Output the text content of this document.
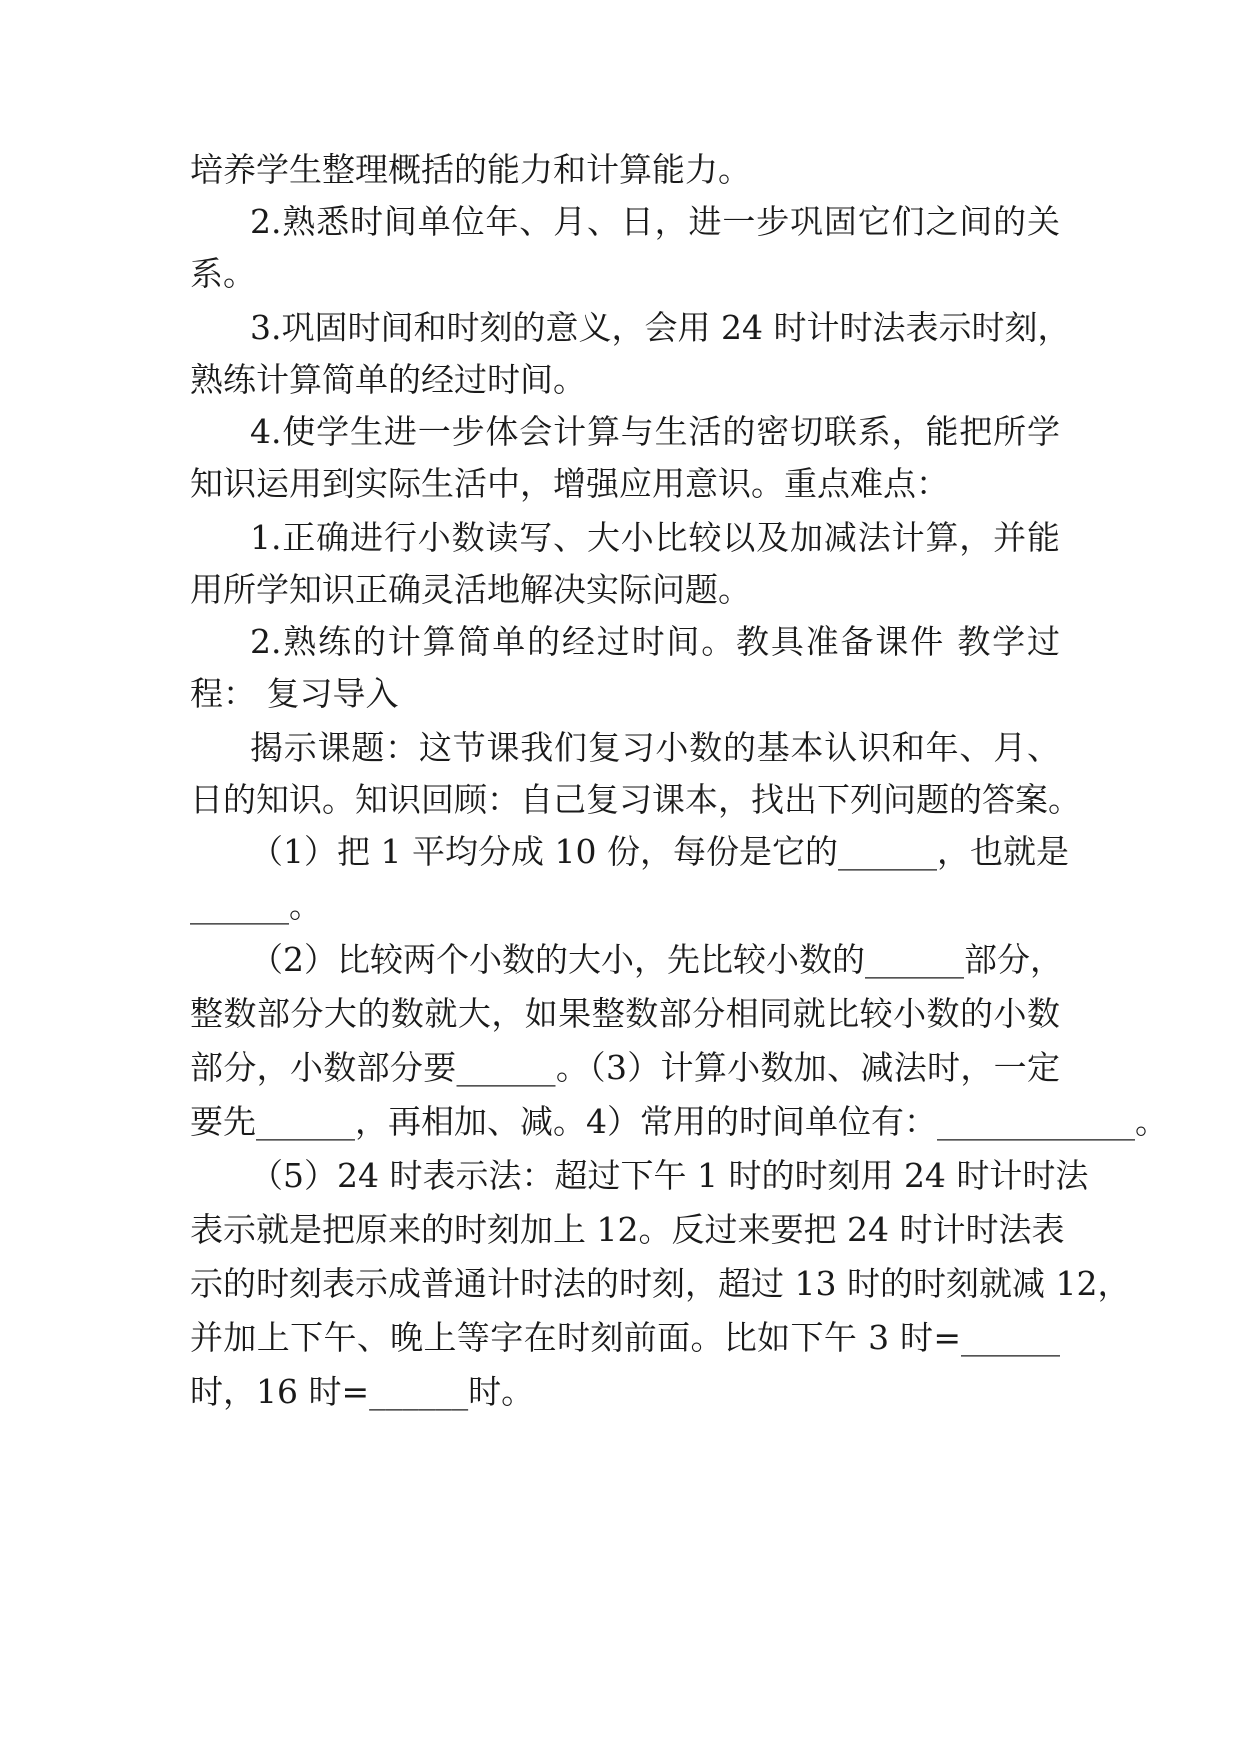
培养学生整理概括的能力和计算能力。
2.熟悉时间单位年、月、日，进一步巩固它们之间的关
系。
3.巩固时间和时刻的意义，会用 24 时计时法表示时刻，
熟练计算简单的经过时间。
4.使学生进一步体会计算与生活的密切联系，能把所学
知识运用到实际生活中，增强应用意识。重点难点：
1.正确进行小数读写、大小比较以及加减法计算，并能
用所学知识正确灵活地解决实际问题。
2.熟练的计算简单的经过时间。教具准备课件 教学过
程： 复习导入
揭示课题：这节课我们复习小数的基本认识和年、月、
日的知识。知识回顾：自己复习课本，找出下列问题的答案。
（1）把 1 平均分成 10 份，每份是它的______，也就是
______。
（2）比较两个小数的大小，先比较小数的______部分，
整数部分大的数就大，如果整数部分相同就比较小数的小数
部分，小数部分要______。（3）计算小数加、减法时，一定
要先______，再相加、减。4）常用的时间单位有：____________。
（5）24 时表示法：超过下午 1 时的时刻用 24 时计时法
表示就是把原来的时刻加上 12。反过来要把 24 时计时法表
示的时刻表示成普通计时法的时刻，超过 13 时的时刻就减 12，
并加上下午、晚上等字在时刻前面。比如下午 3 时=______
时，16 时=______时。
